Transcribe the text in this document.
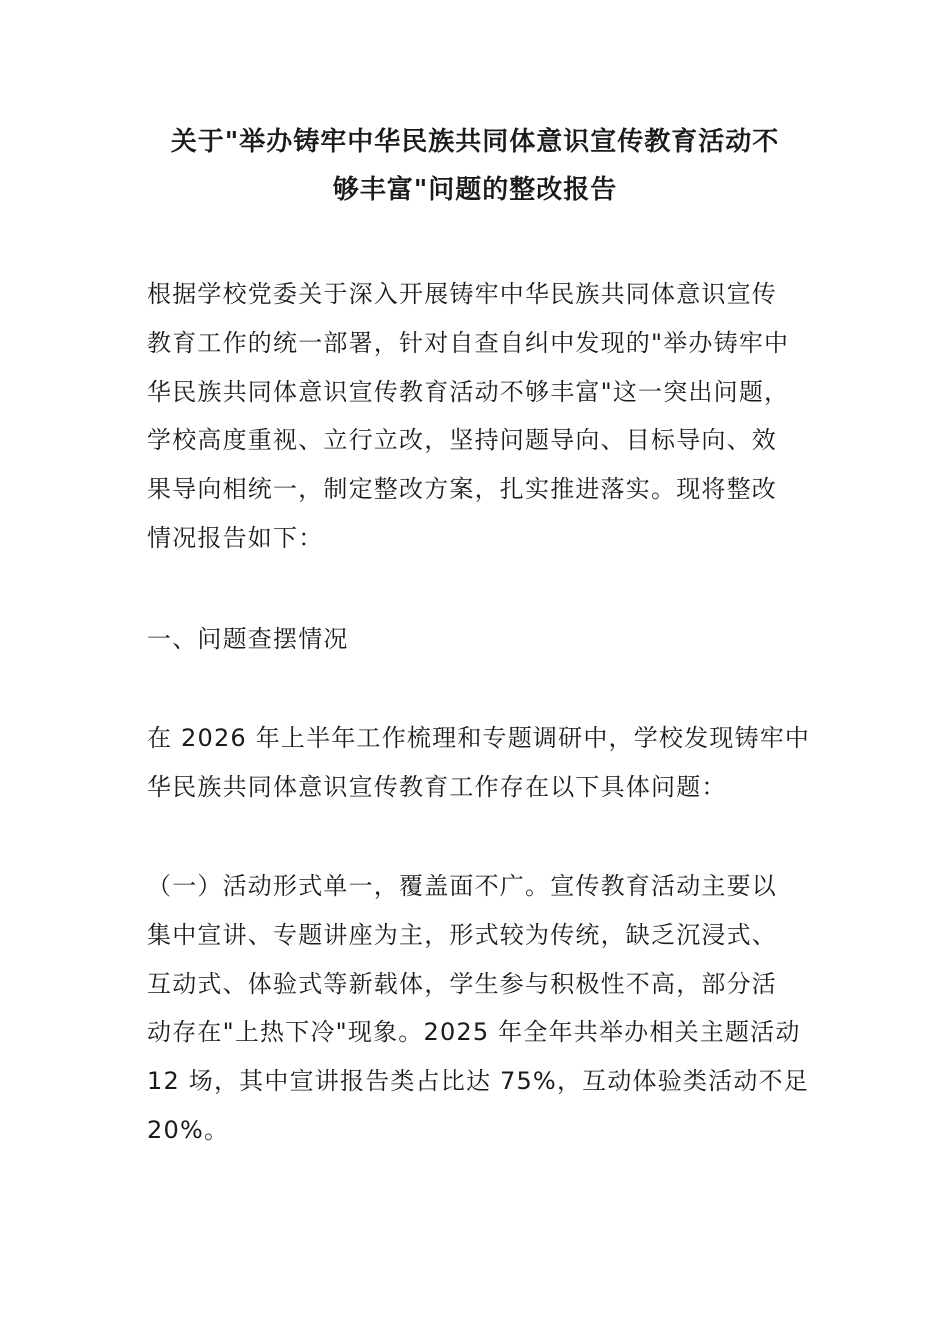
关于"举办铸牢中华民族共同体意识宣传教育活动不
够丰富"问题的整改报告
根据学校党委关于深入开展铸牢中华民族共同体意识宣传
教育工作的统一部署，针对自查自纠中发现的"举办铸牢中
华民族共同体意识宣传教育活动不够丰富"这一突出问题，
学校高度重视、立行立改，坚持问题导向、目标导向、效
果导向相统一，制定整改方案，扎实推进落实。现将整改
情况报告如下：
一、问题查摆情况
在 2026 年上半年工作梳理和专题调研中，学校发现铸牢中
华民族共同体意识宣传教育工作存在以下具体问题：
（一）活动形式单一，覆盖面不广。宣传教育活动主要以
集中宣讲、专题讲座为主，形式较为传统，缺乏沉浸式、
互动式、体验式等新载体，学生参与积极性不高，部分活
动存在"上热下冷"现象。2025 年全年共举办相关主题活动
12 场，其中宣讲报告类占比达 75%，互动体验类活动不足
20%。
